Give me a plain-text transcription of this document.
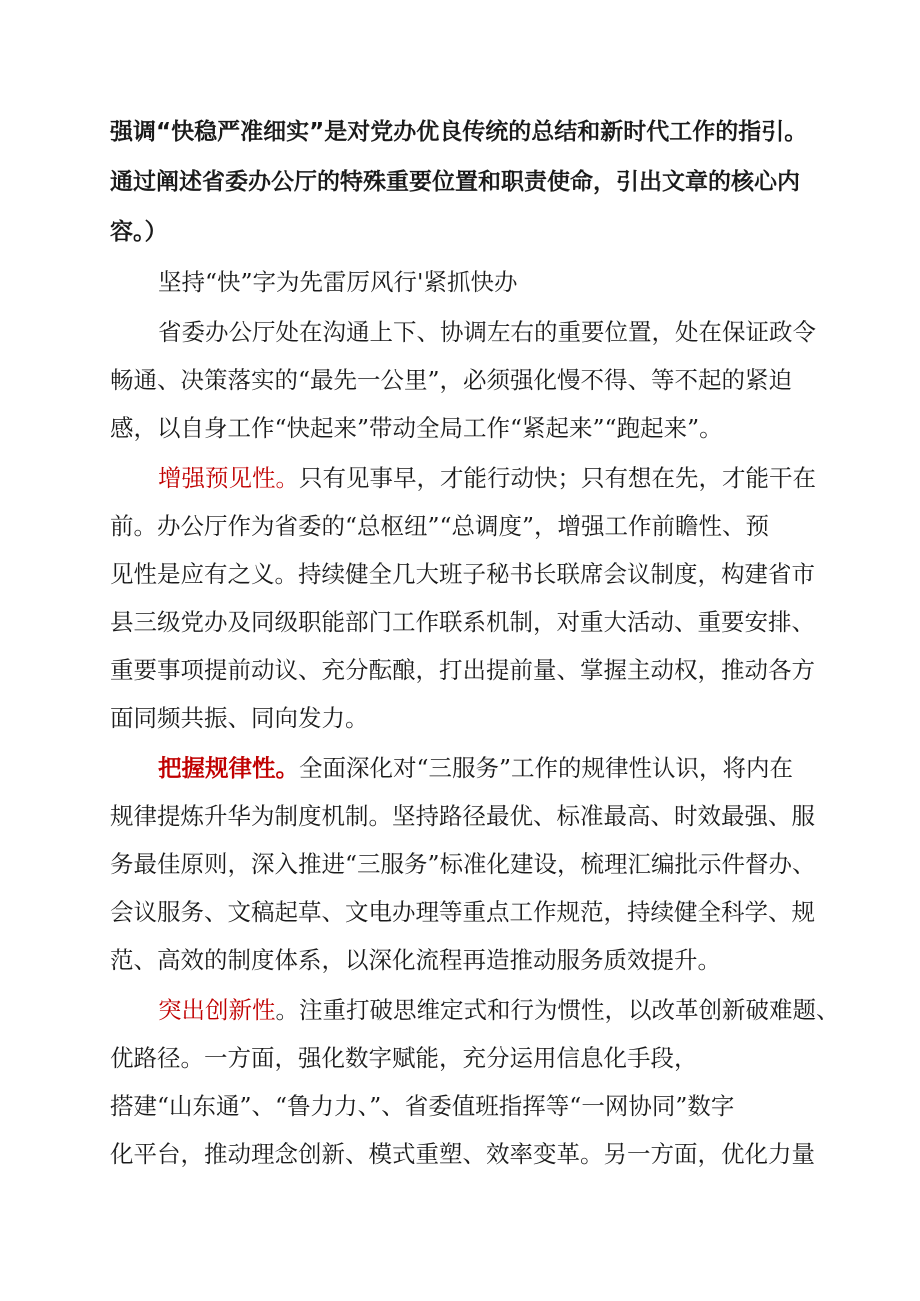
强调“快稳严准细实”是对党办优良传统的总结和新时代工作的指引。
通过阐述省委办公厅的特殊重要位置和职责使命，引出文章的核心内
容。）
坚持“快”字为先雷厉风行'紧抓快办
省委办公厅处在沟通上下、协调左右的重要位置，处在保证政令
畅通、决策落实的“最先一公里”，必须强化慢不得、等不起的紧迫
感，以自身工作“快起来”带动全局工作“紧起来”“跑起来”。
增强预见性。只有见事早，才能行动快；只有想在先，才能干在
前。办公厅作为省委的“总枢纽”“总调度”，增强工作前瞻性、预
见性是应有之义。持续健全几大班子秘书长联席会议制度，构建省市
县三级党办及同级职能部门工作联系机制，对重大活动、重要安排、
重要事项提前动议、充分酝酿，打出提前量、掌握主动权，推动各方
面同频共振、同向发力。
把握规律性。全面深化对“三服务”工作的规律性认识，将内在
规律提炼升华为制度机制。坚持路径最优、标准最高、时效最强、服
务最佳原则，深入推进“三服务”标准化建设，梳理汇编批示件督办、
会议服务、文稿起草、文电办理等重点工作规范，持续健全科学、规
范、高效的制度体系，以深化流程再造推动服务质效提升。
突出创新性。注重打破思维定式和行为惯性，以改革创新破难题、
优路径。一方面，强化数字赋能，充分运用信息化手段，
搭建“山东通”、“鲁力力、”、省委值班指挥等“一网协同”数字
化平台，推动理念创新、模式重塑、效率变革。另一方面，优化力量
